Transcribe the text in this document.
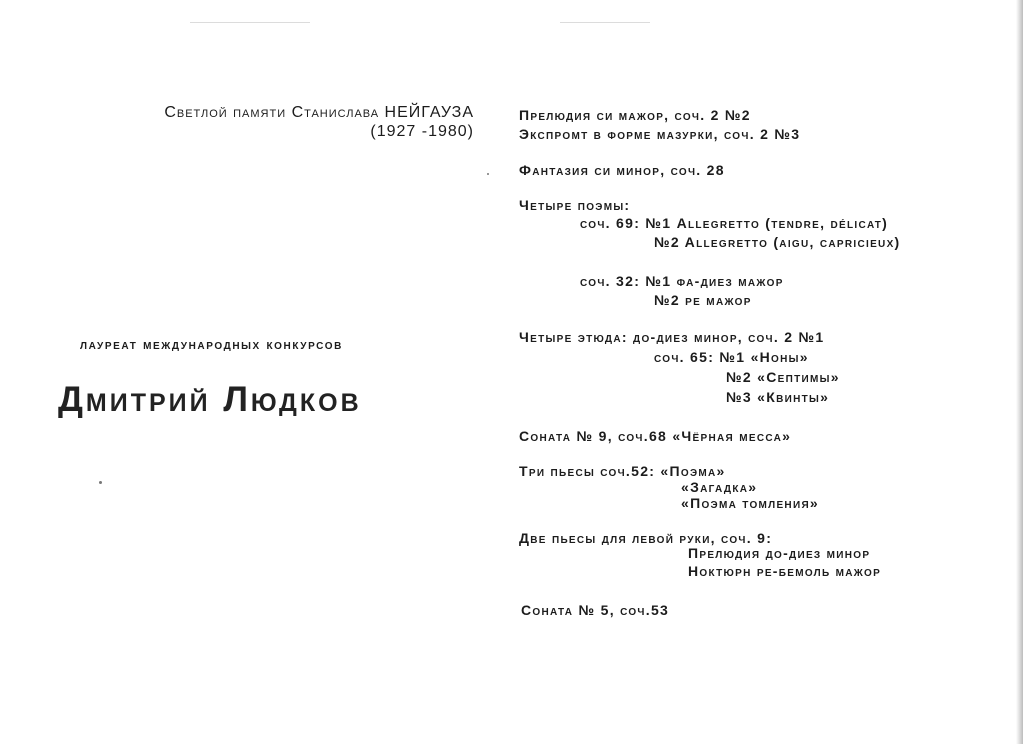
Светлой памяти Станислава НЕЙГАУЗА
(1927 -1980)
лауреат международных конкурсов
Дмитрий Людков
Прелюдия си мажор, соч. 2 №2
Экспромт в форме мазурки, соч. 2 №3
Фантазия си минор, соч. 28
Четыре поэмы:
соч. 69: №1 Allegretto (tendre, délicat)
№2 Allegretto (aigu, capricieux)
соч. 32: №1 фа-диез мажор
№2 ре мажор
Четыре этюда: до-диез минор, соч. 2 №1
соч. 65: №1 «Ноны»
№2 «Септимы»
№3 «Квинты»
Соната № 9, соч.68 «Чёрная месса»
Три пьесы соч.52: «Поэма»
«Загадка»
«Поэма томления»
Две пьесы для левой руки, соч. 9:
Прелюдия до-диез минор
Ноктюрн ре-бемоль мажор
Соната № 5, соч.53
